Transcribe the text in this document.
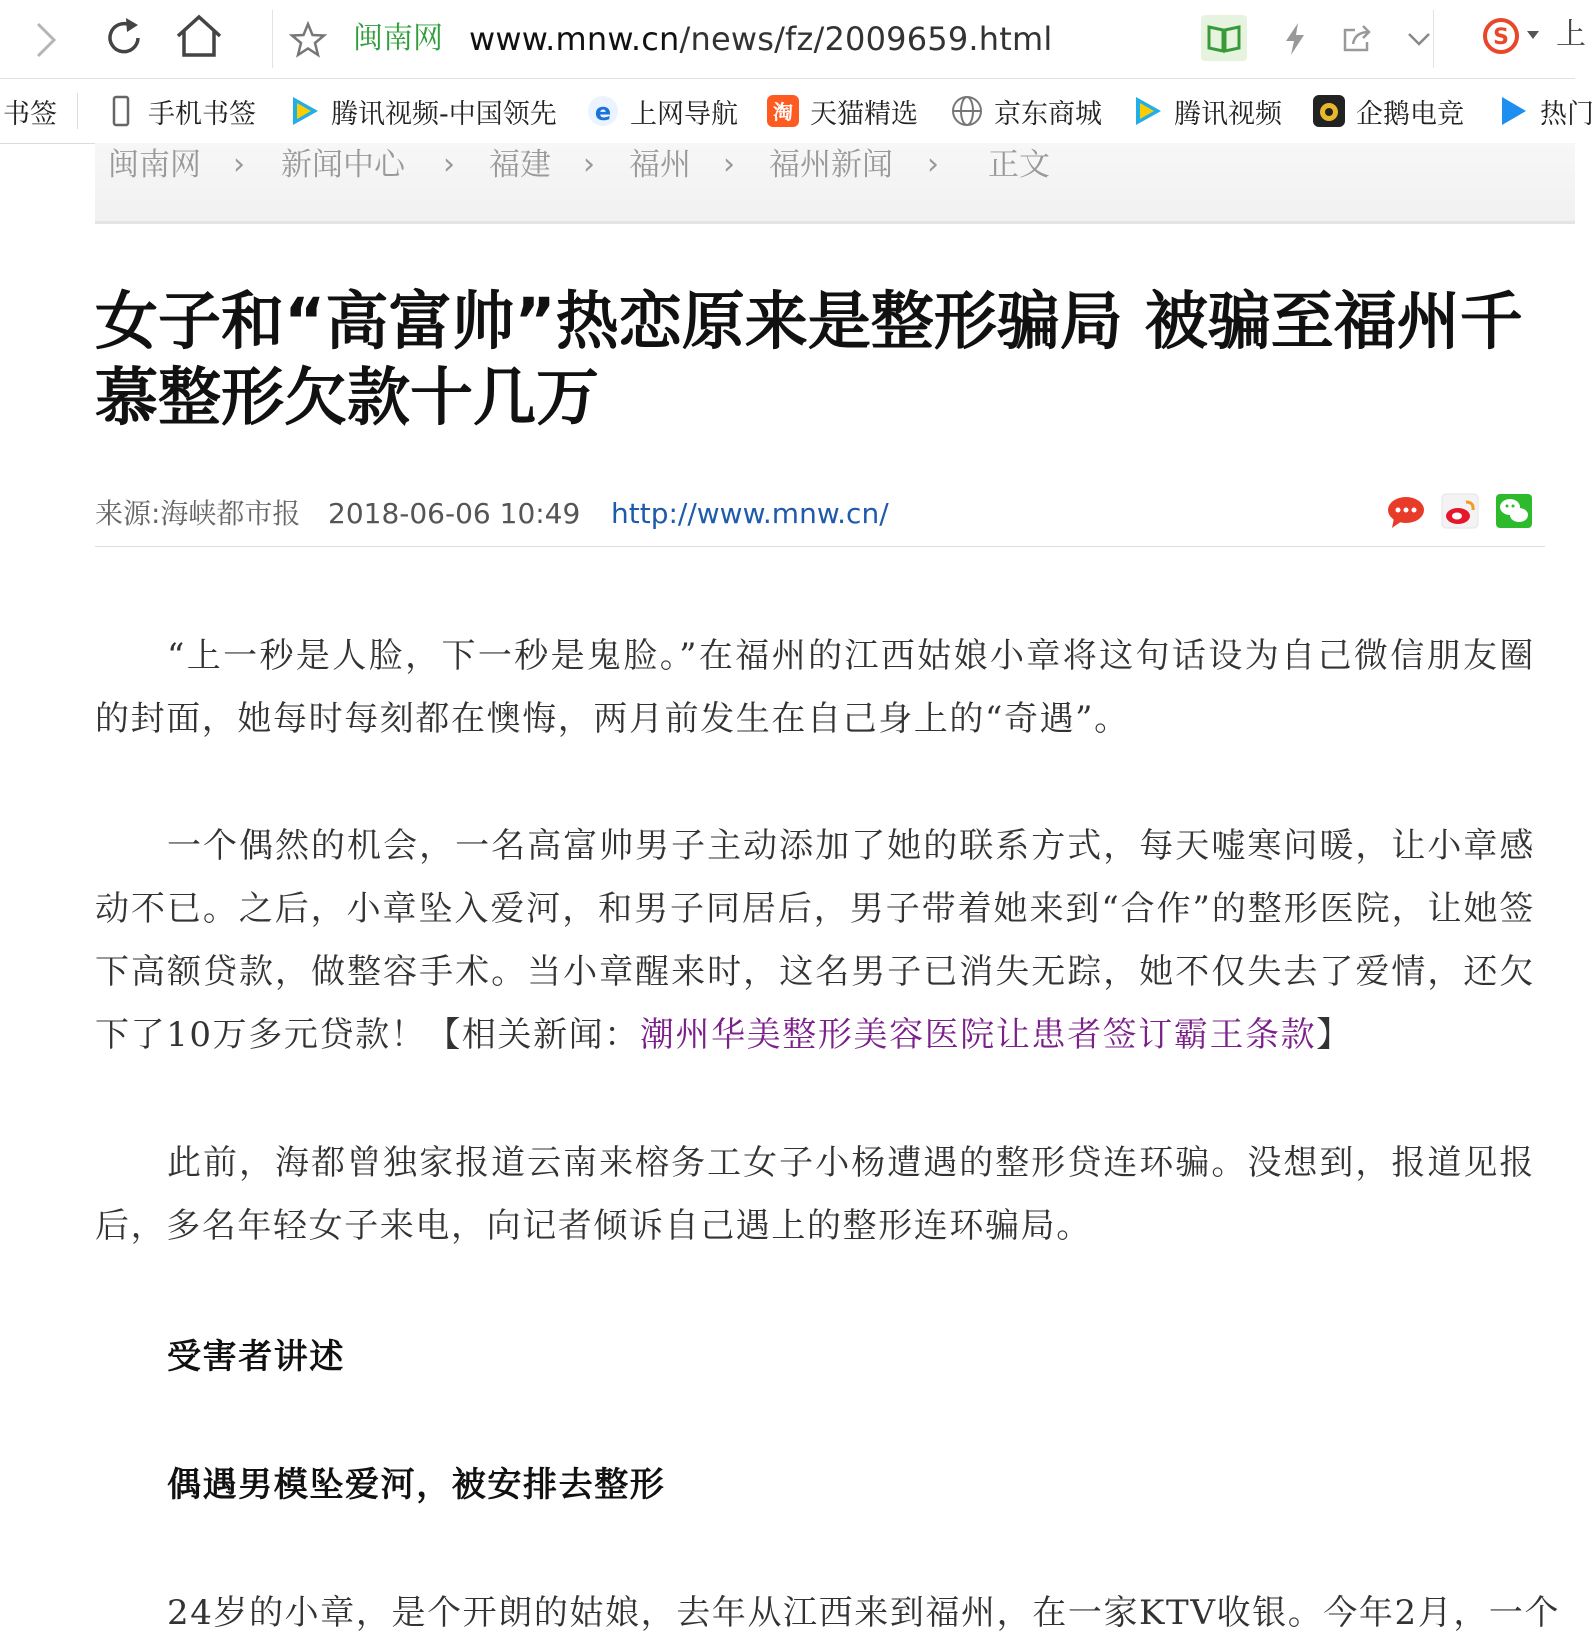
闽南网 www.mnw.cn/news/fz/2009659.html	S 上
书签	手机书签	腾讯视频-中国领先 e 上网导航 淘 天猫精选	京东商城	腾讯视频	企鹅电竞	热门
闽南网 › 新闻中心 › 福建 › 福州 › 福州新闻 › 正文
女子和“高富帅”热恋原来是整形骗局 被骗至福州千慕整形欠款十几万
来源:海峡都市报 2018-06-06 10:49 http://www.mnw.cn/

“上一秒是人脸，下一秒是鬼脸。”在福州的江西姑娘小章将这句话设为自己微信朋友圈的封面，她每时每刻都在懊悔，两月前发生在自己身上的“奇遇”。

一个偶然的机会，一名高富帅男子主动添加了她的联系方式，每天嘘寒问暖，让小章感动不已。之后，小章坠入爱河，和男子同居后，男子带着她来到“合作”的整形医院，让她签下高额贷款，做整容手术。当小章醒来时，这名男子已消失无踪，她不仅失去了爱情，还欠下了10万多元贷款！【相关新闻：潮州华美整形美容医院让患者签订霸王条款】

此前，海都曾独家报道云南来榕务工女子小杨遭遇的整形贷连环骗。没想到，报道见报后，多名年轻女子来电，向记者倾诉自己遇上的整形连环骗局。

受害者讲述

偶遇男模坠爱河，被安排去整形

24岁的小章，是个开朗的姑娘，去年从江西来到福州，在一家KTV收银。今年2月，一个
